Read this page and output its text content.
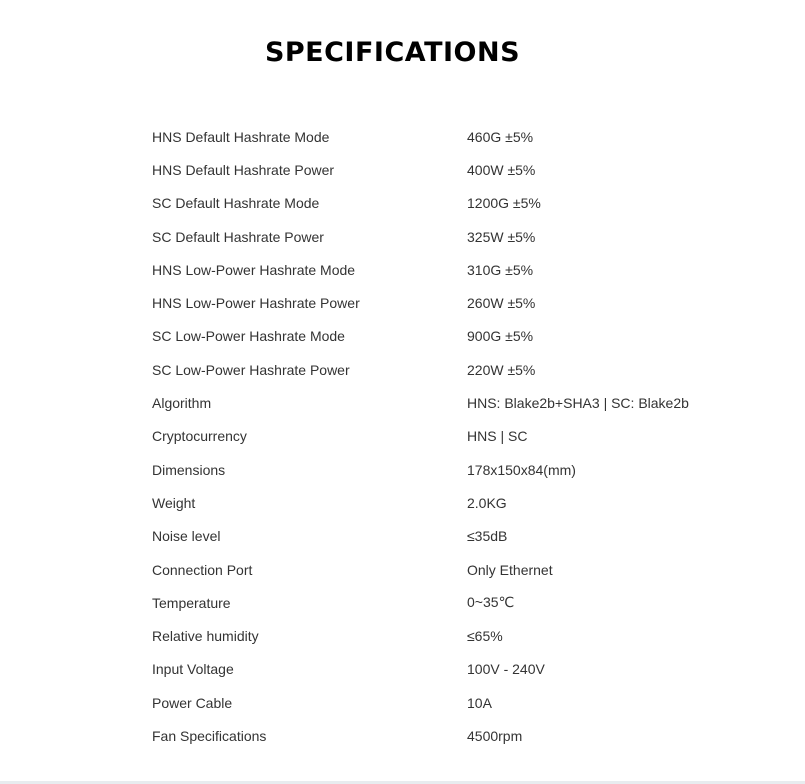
SPECIFICATIONS
HNS Default Hashrate Mode	460G ±5%
HNS Default Hashrate Power	400W ±5%
SC Default Hashrate Mode	1200G ±5%
SC Default Hashrate Power	325W ±5%
HNS Low-Power Hashrate Mode	310G ±5%
HNS Low-Power Hashrate Power	260W ±5%
SC Low-Power Hashrate Mode	900G ±5%
SC Low-Power Hashrate Power	220W ±5%
Algorithm	HNS: Blake2b+SHA3 | SC: Blake2b
Cryptocurrency	HNS | SC
Dimensions	178x150x84(mm)
Weight	2.0KG
Noise level	≤35dB
Connection Port	Only Ethernet
Temperature	0~35℃
Relative humidity	≤65%
Input Voltage	100V - 240V
Power Cable	10A
Fan Specifications	4500rpm
